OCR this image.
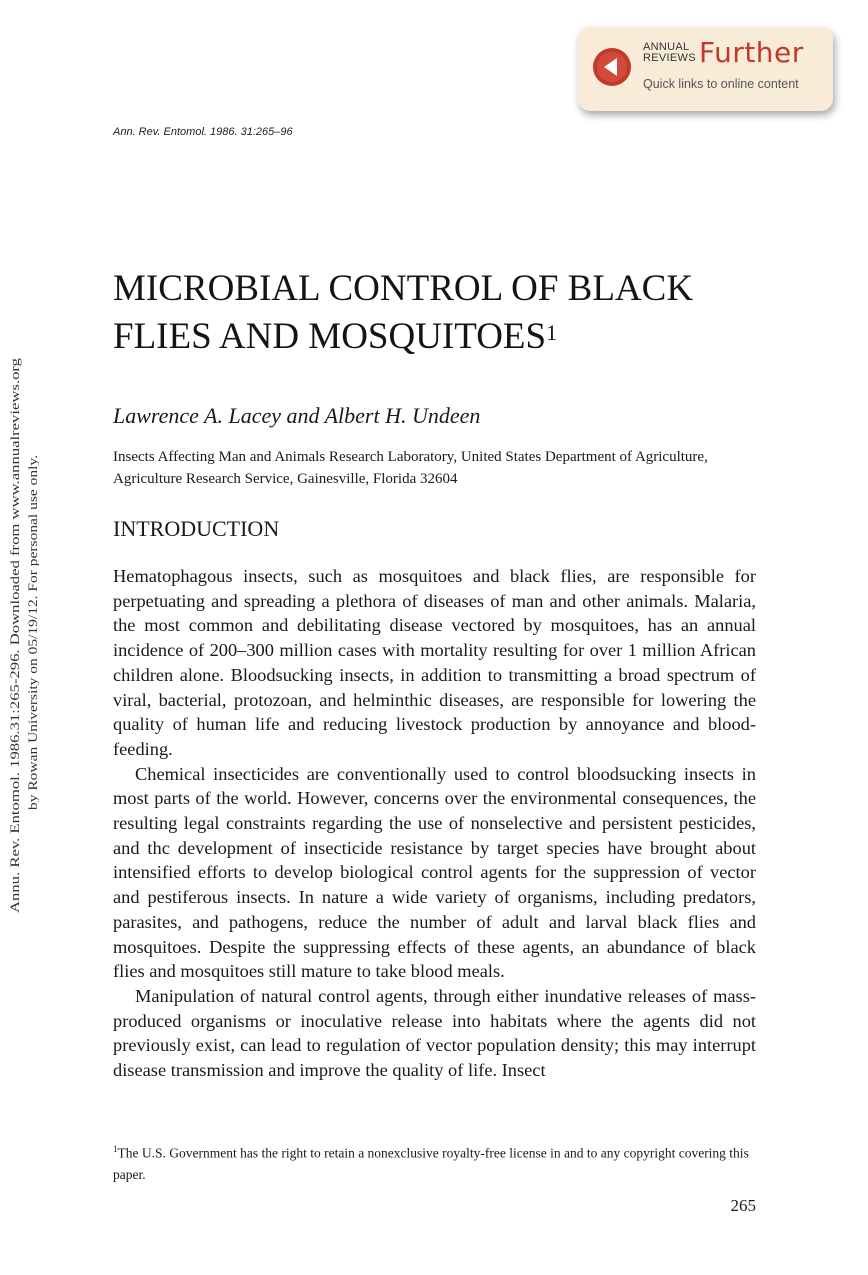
ANNUAL
REVIEWS Further
Quick links to online content
Ann. Rev. Entomol. 1986. 31:265–96
Annu. Rev. Entomol. 1986.31:265-296. Downloaded from www.annualreviews.org by Rowan University on 05/19/12. For personal use only.
MICROBIAL CONTROL OF BLACK
FLIES AND MOSQUITOES$^1$
Lawrence A. Lacey and Albert H. Undeen
Insects Affecting Man and Animals Research Laboratory, United States Department of Agriculture, Agriculture Research Service, Gainesville, Florida 32604
INTRODUCTION

Hematophagous insects, such as mosquitoes and black flies, are responsible for perpetuating and spreading a plethora of diseases of man and other animals. Malaria, the most common and debilitating disease vectored by mosquitoes, has an annual incidence of 200–300 million cases with mortality resulting for over 1 million African children alone. Bloodsucking insects, in addition to transmitting a broad spectrum of viral, bacterial, protozoan, and helminthic diseases, are responsible for lowering the quality of human life and reducing livestock production by annoyance and blood-feeding.

Chemical insecticides are conventionally used to control bloodsucking insects in most parts of the world. However, concerns over the environmental consequences, the resulting legal constraints regarding the use of nonselective and persistent pesticides, and thc development of insecticide resistance by target species have brought about intensified efforts to develop biological control agents for the suppression of vector and pestiferous insects. In nature a wide variety of organisms, including predators, parasites, and pathogens, reduce the number of adult and larval black flies and mosquitoes. Despite the suppressing effects of these agents, an abundance of black flies and mosquitoes still mature to take blood meals.

Manipulation of natural control agents, through either inundative releases of mass-produced organisms or inoculative release into habitats where the agents did not previously exist, can lead to regulation of vector population density; this may interrupt disease transmission and improve the quality of life. Insect

$^1$The U.S. Government has the right to retain a nonexclusive royalty-free license in and to any copyright covering this paper.
265
